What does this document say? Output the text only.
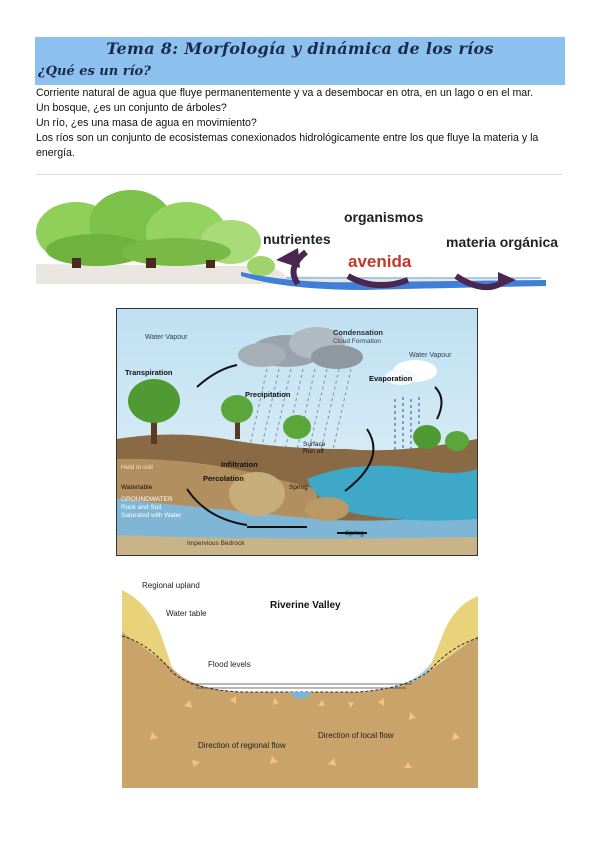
Tema 8: Morfología y dinámica de los ríos
¿Qué es un río?

Corriente natural de agua que fluye permanentemente y va a desembocar en otra, en un lago o en el mar.

Un bosque, ¿es un conjunto de árboles?

Un río, ¿es una masa de agua en movimiento?

Los ríos son un conjunto de ecosistemas conexionados hidrológicamente entre los que fluye la materia y la energía.

organismos
nutrientes
avenida
materia orgánica
Water Vapour
Condensation
Cloud Formation
Water Vapour
Transpiration
Precipitation
Evaporation
Surface
Run off
Held in soil	Infiltration
Percolation
Watertable	Spring
GROUNDWATER
Rock and Soil
Saturated with Water
Impervious Bedrock
Spring
Regional upland
Water table
Riverine Valley
Flood levels
Direction of regional flow
Direction of local flow
